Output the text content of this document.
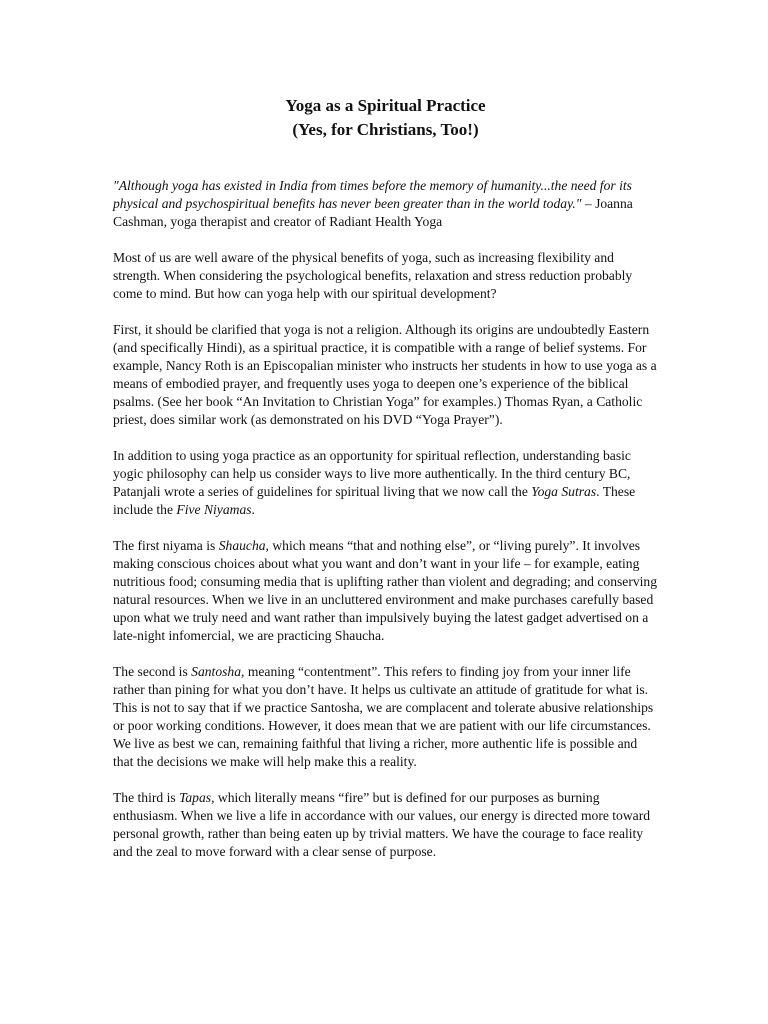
Yoga as a Spiritual Practice
(Yes, for Christians, Too!)

"Although yoga has existed in India from times before the memory of humanity...the need for its physical and psychospiritual benefits has never been greater than in the world today." – Joanna Cashman, yoga therapist and creator of Radiant Health Yoga

Most of us are well aware of the physical benefits of yoga, such as increasing flexibility and strength. When considering the psychological benefits, relaxation and stress reduction probably come to mind. But how can yoga help with our spiritual development?

First, it should be clarified that yoga is not a religion. Although its origins are undoubtedly Eastern (and specifically Hindi), as a spiritual practice, it is compatible with a range of belief systems. For example, Nancy Roth is an Episcopalian minister who instructs her students in how to use yoga as a means of embodied prayer, and frequently uses yoga to deepen one’s experience of the biblical psalms. (See her book “An Invitation to Christian Yoga” for examples.) Thomas Ryan, a Catholic priest, does similar work (as demonstrated on his DVD “Yoga Prayer”).

In addition to using yoga practice as an opportunity for spiritual reflection, understanding basic yogic philosophy can help us consider ways to live more authentically. In the third century BC, Patanjali wrote a series of guidelines for spiritual living that we now call the Yoga Sutras. These include the Five Niyamas.

The first niyama is Shaucha, which means “that and nothing else”, or “living purely”. It involves making conscious choices about what you want and don’t want in your life – for example, eating nutritious food; consuming media that is uplifting rather than violent and degrading; and conserving natural resources. When we live in an uncluttered environment and make purchases carefully based upon what we truly need and want rather than impulsively buying the latest gadget advertised on a late-night infomercial, we are practicing Shaucha.

The second is Santosha, meaning “contentment”. This refers to finding joy from your inner life rather than pining for what you don’t have. It helps us cultivate an attitude of gratitude for what is. This is not to say that if we practice Santosha, we are complacent and tolerate abusive relationships or poor working conditions. However, it does mean that we are patient with our life circumstances. We live as best we can, remaining faithful that living a richer, more authentic life is possible and that the decisions we make will help make this a reality.

The third is Tapas, which literally means “fire” but is defined for our purposes as burning enthusiasm. When we live a life in accordance with our values, our energy is directed more toward personal growth, rather than being eaten up by trivial matters. We have the courage to face reality and the zeal to move forward with a clear sense of purpose.
